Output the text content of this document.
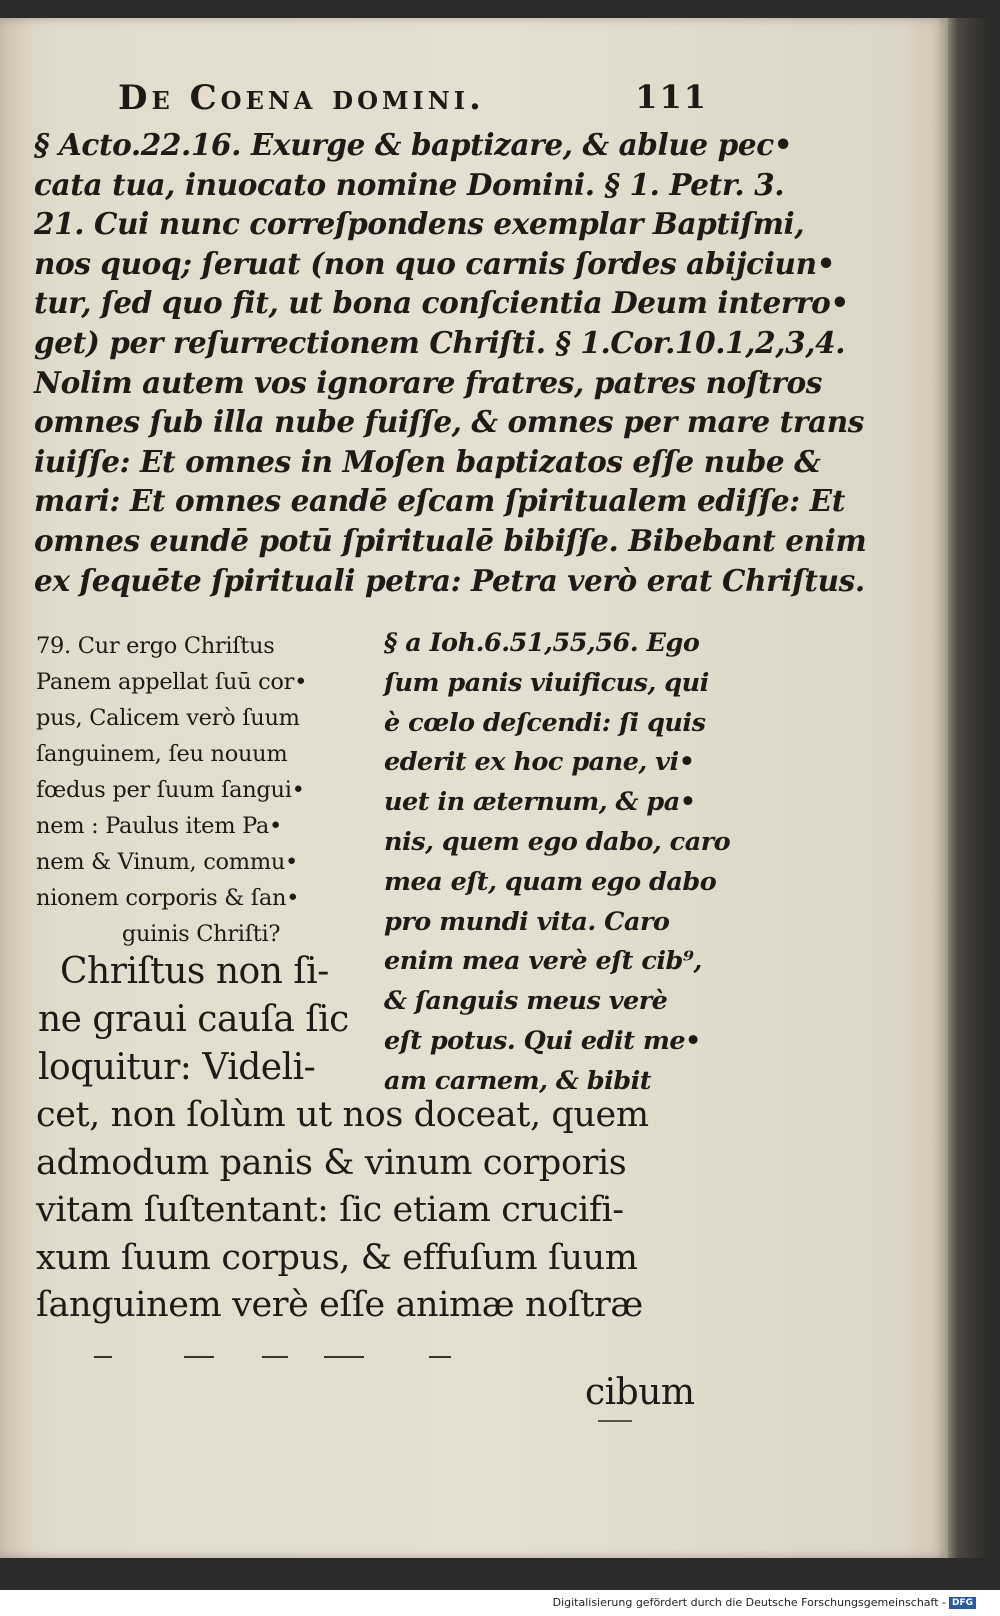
De Coena domini.	111
§ Acto.22.16. Exurge & baptizare, & ablue pec•
cata tua, inuocato nomine Domini. § 1. Petr. 3.
21. Cui nunc correſpondens exemplar Baptiſmi,
nos quoq; ſeruat (non quo carnis ſordes abijciun•
tur, ſed quo fit, ut bona conſcientia Deum interro•
get) per reſurrectionem Chriſti. § 1.Cor.10.1,2,3,4.
Nolim autem vos ignorare fratres, patres noſtros
omnes ſub illa nube fuiſſe, & omnes per mare trans
iuiſſe: Et omnes in Moſen baptizatos eſſe nube &
mari: Et omnes eandē eſcam ſpiritualem ediſſe: Et
omnes eundē potū ſpiritualē bibiſſe. Bibebant enim
ex ſequēte ſpirituali petra: Petra verò erat Chriſtus.
79. Cur ergo Chriſtus
Panem appellat ſuū cor•
pus, Calicem verò ſuum
ſanguinem, ſeu nouum
fœdus per ſuum ſangui•
nem : Paulus item Pa•
nem & Vinum, commu•
nionem corporis & ſan•
guinis Chriſti?
§ a Ioh.6.51,55,56. Ego
ſum panis viuificus, qui
è cœlo deſcendi: ſi quis
ederit ex hoc pane, vi•
uet in æternum, & pa•
nis, quem ego dabo, caro
mea eſt, quam ego dabo
pro mundi vita. Caro
enim mea verè eſt cib⁹,
& ſanguis meus verè
eſt potus. Qui edit me•
am carnem, & bibit
Chriſtus non ſi-
ne graui cauſa ſic
loquitur: Videli-
cet, non ſolùm ut nos doceat, quem
admodum panis & vinum corporis
vitam ſuſtentant: ſic etiam crucifi-
xum ſuum corpus, & effuſum ſuum
ſanguinem verè eſſe animæ noſtræ
cibum
Digitalisierung gefördert durch die Deutsche Forschungsgemeinschaft - DFG
